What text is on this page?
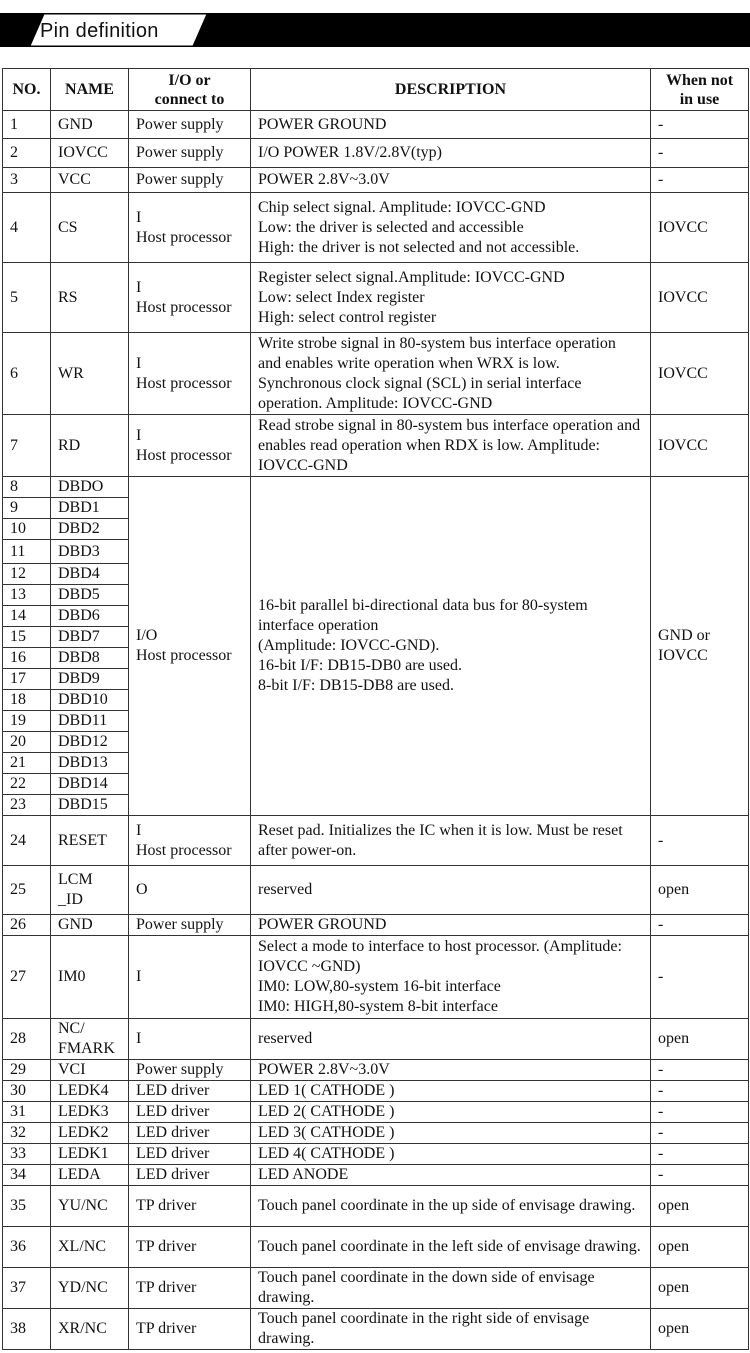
Pin definition
NO.	NAME	I/O or connect to	DESCRIPTION	When not in use
1	GND	Power supply	POWER GROUND	-
2	IOVCC	Power supply	I/O POWER 1.8V/2.8V(typ)	-
3	VCC	Power supply	POWER 2.8V~3.0V	-
4	CS	I
Host processor	Chip select signal. Amplitude: IOVCC-GND
Low: the driver is selected and accessible
High: the driver is not selected and not accessible.	IOVCC
5	RS	I
Host processor	Register select signal.Amplitude: IOVCC-GND
Low: select Index register
High: select control register	IOVCC
6	WR	I
Host processor	Write strobe signal in 80-system bus interface operation and enables write operation when WRX is low. Synchronous clock signal (SCL) in serial interface operation. Amplitude: IOVCC-GND	IOVCC
7	RD	I
Host processor	Read strobe signal in 80-system bus interface operation and enables read operation when RDX is low. Amplitude: IOVCC-GND	IOVCC
8	DBDO	I/O
Host processor	16-bit parallel bi-directional data bus for 80-system interface operation
(Amplitude: IOVCC-GND).
16-bit I/F: DB15-DB0 are used.
8-bit I/F: DB15-DB8 are used.	GND or
IOVCC
9	DBD1			
10	DBD2			
11	DBD3			
12	DBD4			
13	DBD5			
14	DBD6			
15	DBD7			
16	DBD8			
17	DBD9			
18	DBD10			
19	DBD11			
20	DBD12			
21	DBD13			
22	DBD14			
23	DBD15			
24	RESET	I
Host processor	Reset pad. Initializes the IC when it is low. Must be reset after power-on.	-
25	LCM
_ID	O	reserved	open
26	GND	Power supply	POWER GROUND	-
27	IM0	I	Select a mode to interface to host processor. (Amplitude: IOVCC ~GND)
IM0: LOW,80-system 16-bit interface
IM0: HIGH,80-system 8-bit interface	-
28	NC/
FMARK	I	reserved	open
29	VCI	Power supply	POWER 2.8V~3.0V	-
30	LEDK4	LED driver	LED 1( CATHODE )	-
31	LEDK3	LED driver	LED 2( CATHODE )	-
32	LEDK2	LED driver	LED 3( CATHODE )	-
33	LEDK1	LED driver	LED 4( CATHODE )	-
34	LEDA	LED driver	LED ANODE	-
35	YU/NC	TP driver	Touch panel coordinate in the up side of envisage drawing.	open
36	XL/NC	TP driver	Touch panel coordinate in the left side of envisage drawing.	open
37	YD/NC	TP driver	Touch panel coordinate in the down side of envisage drawing.	open
38	XR/NC	TP driver	Touch panel coordinate in the right side of envisage drawing.	open
